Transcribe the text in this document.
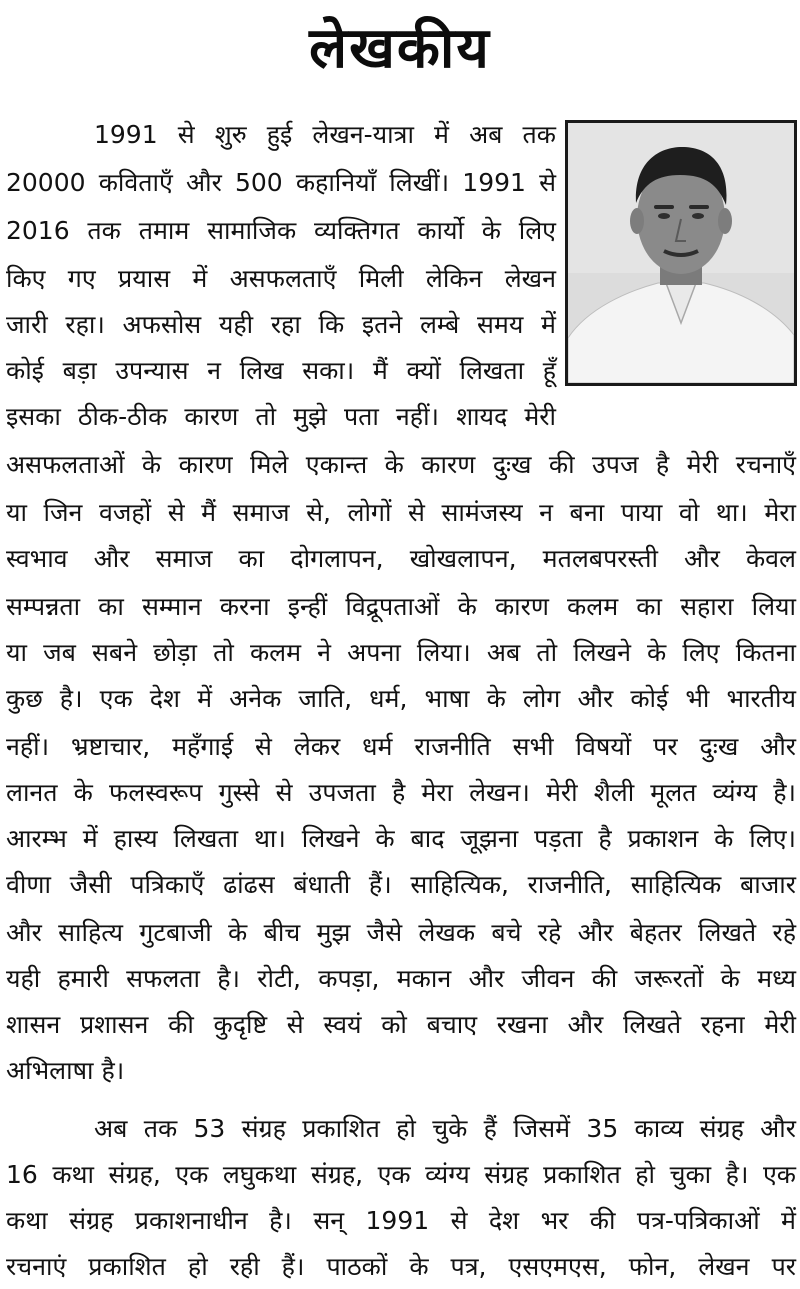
लेखकीय
1991 से शुरु हुई लेखन-यात्रा में अब तक
20000 कविताएँ और 500 कहानियाँ लिखीं। 1991 से
2016 तक तमाम सामाजिक व्यक्तिगत कार्यो के लिए
किए गए प्रयास में असफलताएँ मिली लेकिन लेखन
जारी रहा। अफसोस यही रहा कि इतने लम्बे समय में
कोई बड़ा उपन्यास न लिख सका। मैं क्यों लिखता हूँ
इसका ठीक-ठीक कारण तो मुझे पता नहीं। शायद मेरी
असफलताओं के कारण मिले एकान्त के कारण दुःख की उपज है मेरी रचनाएँ
या जिन वजहों से मैं समाज से, लोगों से सामंजस्य न बना पाया वो था। मेरा
स्वभाव और समाज का दोगलापन, खोखलापन, मतलबपरस्ती और केवल
सम्पन्नता का सम्मान करना इन्हीं विद्रूपताओं के कारण कलम का सहारा लिया
या जब सबने छोड़ा तो कलम ने अपना लिया। अब तो लिखने के लिए कितना
कुछ है। एक देश में अनेक जाति, धर्म, भाषा के लोग और कोई भी भारतीय
नहीं। भ्रष्टाचार, महँगाई से लेकर धर्म राजनीति सभी विषयों पर दुःख और
लानत के फलस्वरूप गुस्से से उपजता है मेरा लेखन। मेरी शैली मूलत व्यंग्य है।
आरम्भ में हास्य लिखता था। लिखने के बाद जूझना पड़ता है प्रकाशन के लिए।
वीणा जैसी पत्रिकाएँ ढांढस बंधाती हैं। साहित्यिक, राजनीति, साहित्यिक बाजार
और साहित्य गुटबाजी के बीच मुझ जैसे लेखक बचे रहे और बेहतर लिखते रहे
यही हमारी सफलता है। रोटी, कपड़ा, मकान और जीवन की जरूरतों के मध्य
शासन प्रशासन की कुदृष्टि से स्वयं को बचाए रखना और लिखते रहना मेरी
अभिलाषा है।
अब तक 53 संग्रह प्रकाशित हो चुके हैं जिसमें 35 काव्य संग्रह और
16 कथा संग्रह, एक लघुकथा संग्रह, एक व्यंग्य संग्रह प्रकाशित हो चुका है। एक
कथा संग्रह प्रकाशनाधीन है। सन् 1991 से देश भर की पत्र-पत्रिकाओं में
रचनाएं प्रकाशित हो रही हैं। पाठकों के पत्र, एसएमएस, फोन, लेखन पर
